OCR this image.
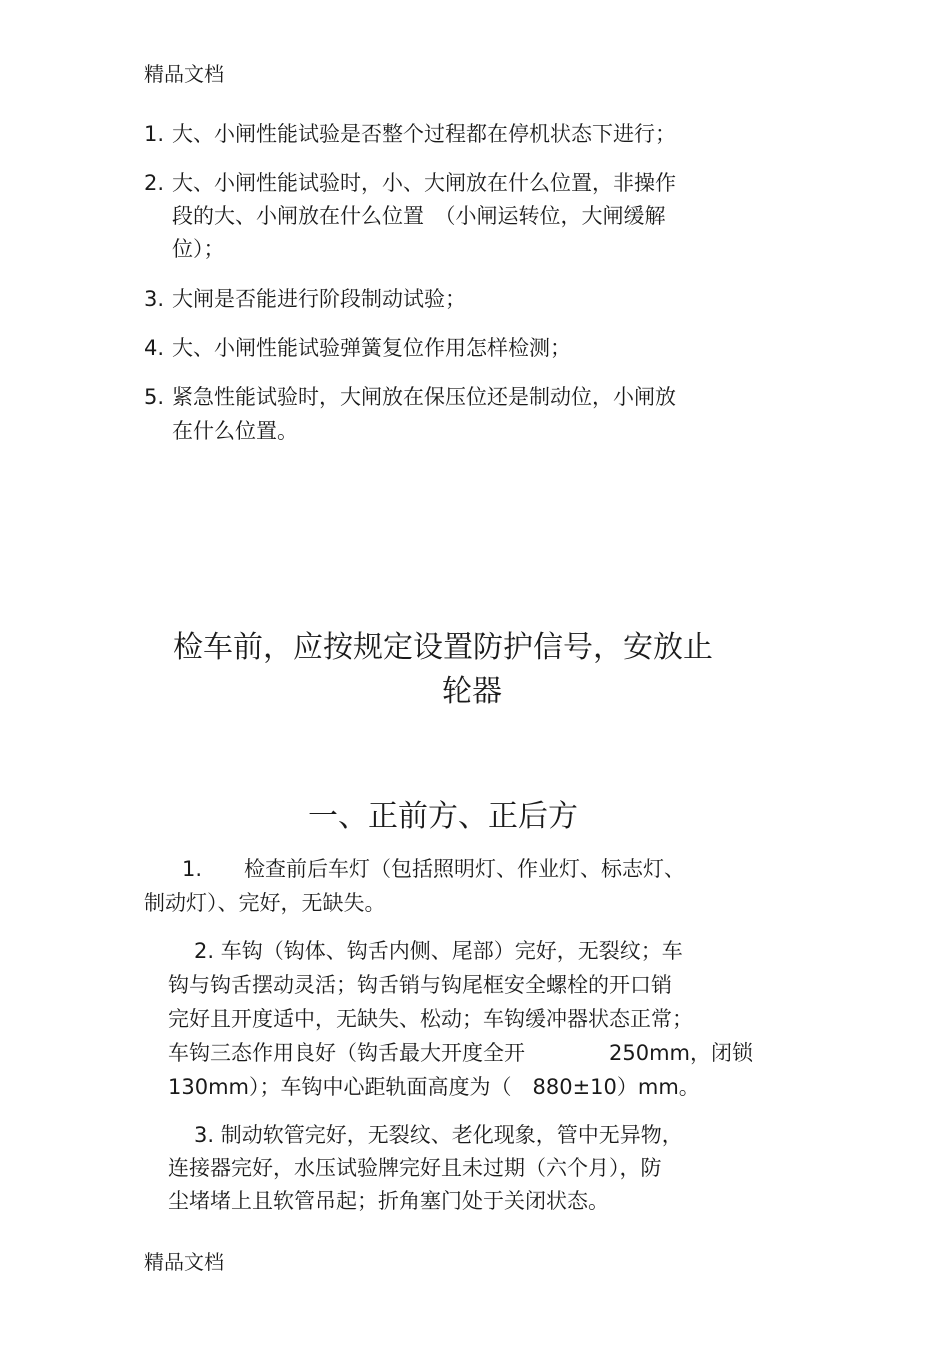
精品文档
1. 大、小闸性能试验是否整个过程都在停机状态下进行；
2. 大、小闸性能试验时，小、大闸放在什么位置，非操作
段的大、小闸放在什么位置　（小闸运转位，大闸缓解
位）；
3. 大闸是否能进行阶段制动试验；
4. 大、小闸性能试验弹簧复位作用怎样检测；
5. 紧急性能试验时，大闸放在保压位还是制动位，小闸放
在什么位置。
检车前，应按规定设置防护信号，安放止
轮器
一、正前方、正后方
1.　　检查前后车灯（包括照明灯、作业灯、标志灯、
制动灯）、完好，无缺失。
2. 车钩（钩体、钩舌内侧、尾部）完好，无裂纹；车
钩与钩舌摆动灵活；钩舌销与钩尾框安全螺栓的开口销
完好且开度适中，无缺失、松动；车钩缓冲器状态正常；
车钩三态作用良好（钩舌最大开度全开　　　　250mm，闭锁
130mm）；车钩中心距轨面高度为（　880±10）mm。
3. 制动软管完好，无裂纹、老化现象，管中无异物，
连接器完好，水压试验牌完好且未过期（六个月），防
尘堵堵上且软管吊起；折角塞门处于关闭状态。
精品文档
